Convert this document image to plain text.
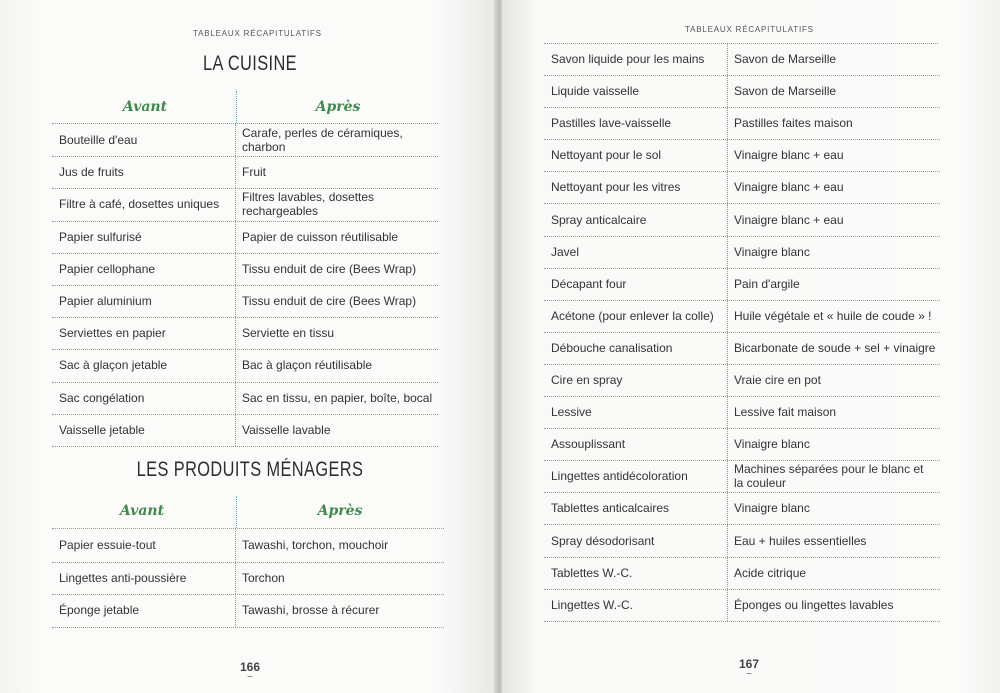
TABLEAUX RÉCAPITULATIFS
LA CUISINE
Avant	Après
Bouteille d'eau	Carafe, perles de céramiques, charbon
Jus de fruits	Fruit
Filtre à café, dosettes uniques	Filtres lavables, dosettes rechargeables
Papier sulfurisé	Papier de cuisson réutilisable
Papier cellophane	Tissu enduit de cire (Bees Wrap)
Papier aluminium	Tissu enduit de cire (Bees Wrap)
Serviettes en papier	Serviette en tissu
Sac à glaçon jetable	Bac à glaçon réutilisable
Sac congélation	Sac en tissu, en papier, boîte, bocal
Vaisselle jetable	Vaisselle lavable
LES PRODUITS MÉNAGERS
Avant	Après
Papier essuie-tout	Tawashi, torchon, mouchoir
Lingettes anti-poussière	Torchon
Éponge jetable	Tawashi, brosse à récurer
166
~
TABLEAUX RÉCAPITULATIFS
Savon liquide pour les mains	Savon de Marseille
Liquide vaisselle	Savon de Marseille
Pastilles lave-vaisselle	Pastilles faites maison
Nettoyant pour le sol	Vinaigre blanc + eau
Nettoyant pour les vitres	Vinaigre blanc + eau
Spray anticalcaire	Vinaigre blanc + eau
Javel	Vinaigre blanc
Décapant four	Pain d'argile
Acétone (pour enlever la colle)	Huile végétale et « huile de coude » !
Débouche canalisation	Bicarbonate de soude + sel + vinaigre
Cire en spray	Vraie cire en pot
Lessive	Lessive fait maison
Assouplissant	Vinaigre blanc
Lingettes antidécoloration	Machines séparées pour le blanc et la couleur
Tablettes anticalcaires	Vinaigre blanc
Spray désodorisant	Eau + huiles essentielles
Tablettes W.-C.	Acide citrique
Lingettes W.-C.	Éponges ou lingettes lavables
167
~
